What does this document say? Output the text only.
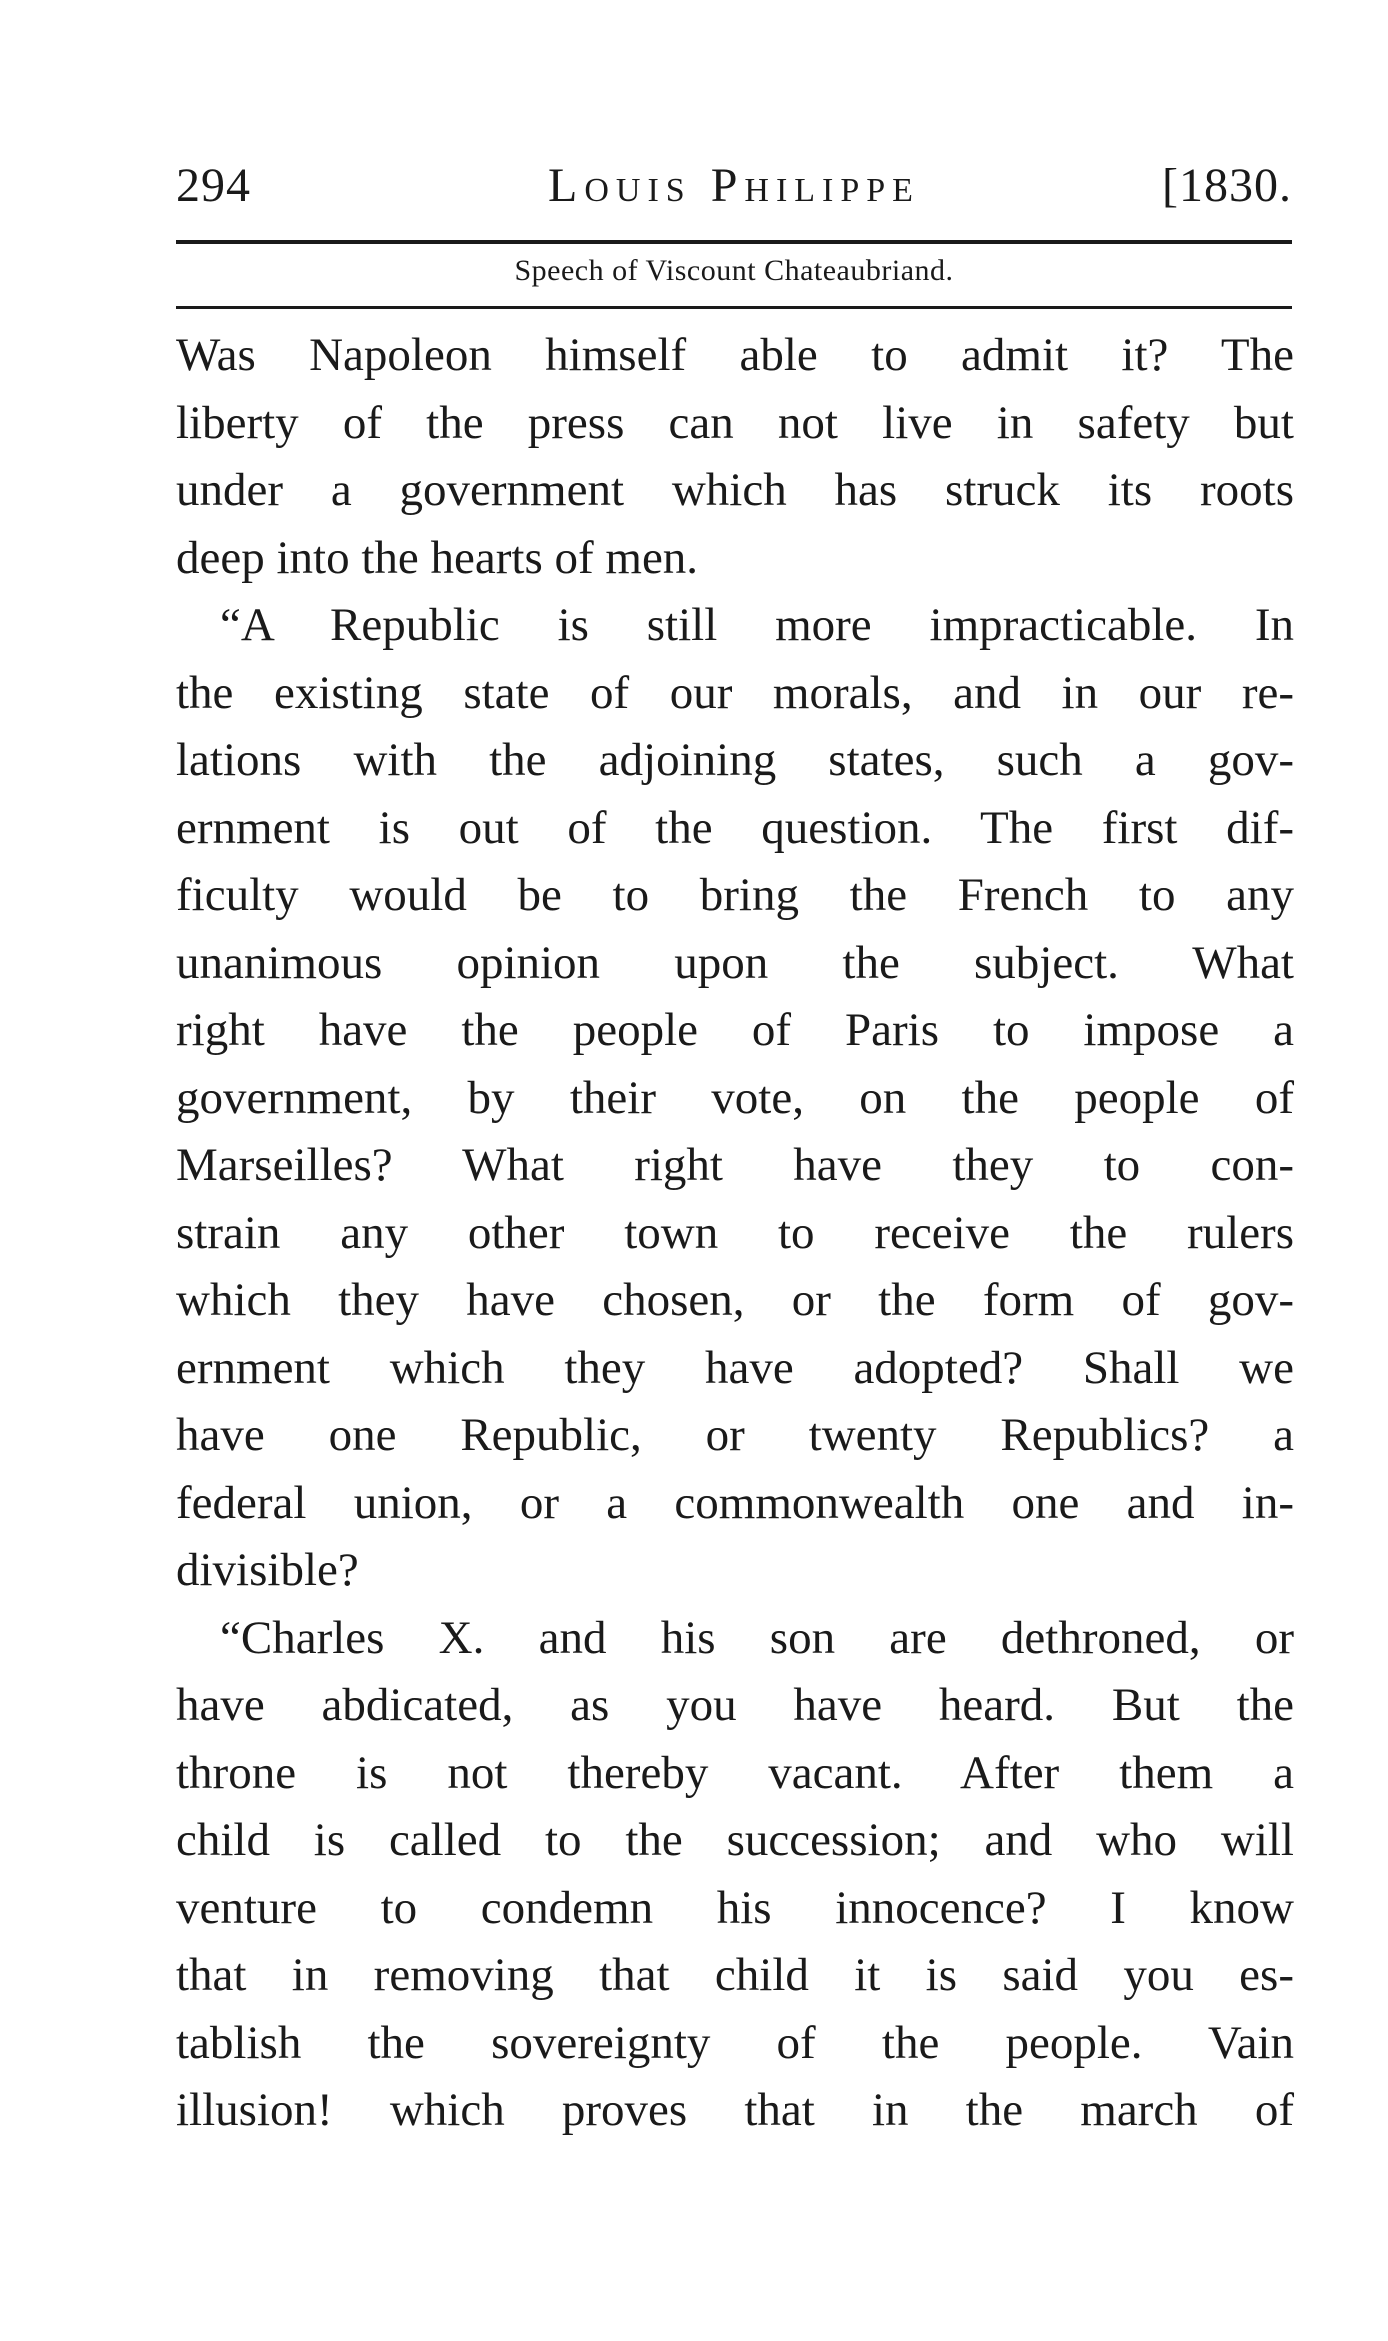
294	Louis Philippe	[1830.
Speech of Viscount Chateaubriand.
Was Napoleon himself able to admit it? The
liberty of the press can not live in safety but
under a government which has struck its roots
deep into the hearts of men.
“A Republic is still more impracticable. In
the existing state of our morals, and in our re-
lations with the adjoining states, such a gov-
ernment is out of the question. The first dif-
ficulty would be to bring the French to any
unanimous opinion upon the subject. What
right have the people of Paris to impose a
government, by their vote, on the people of
Marseilles? What right have they to con-
strain any other town to receive the rulers
which they have chosen, or the form of gov-
ernment which they have adopted? Shall we
have one Republic, or twenty Republics? a
federal union, or a commonwealth one and in-
divisible?
“Charles X. and his son are dethroned, or
have abdicated, as you have heard. But the
throne is not thereby vacant. After them a
child is called to the succession; and who will
venture to condemn his innocence? I know
that in removing that child it is said you es-
tablish the sovereignty of the people. Vain
illusion! which proves that in the march of
